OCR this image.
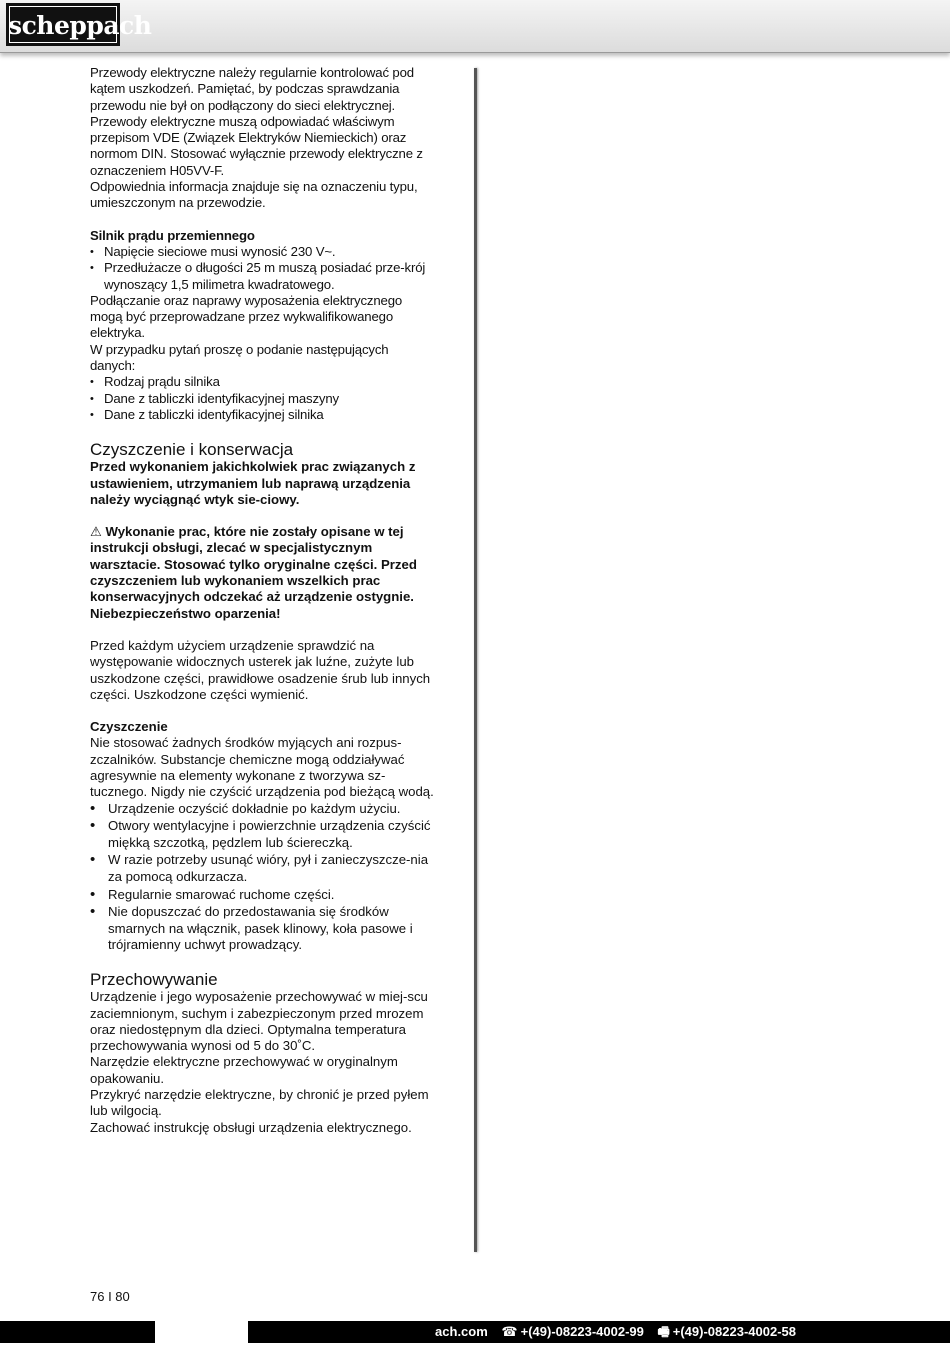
scheppach

Przewody elektryczne należy regularnie kontrolować pod kątem uszkodzeń. Pamiętać, by podczas sprawdzania przewodu nie był on podłączony do sieci elektrycznej.

Przewody elektryczne muszą odpowiadać właściwym przepisom VDE (Związek Elektryków Niemieckich) oraz normom DIN. Stosować wyłącznie przewody elektryczne z oznaczeniem H05VV-F.

Odpowiednia informacja znajduje się na oznaczeniu typu, umieszczonym na przewodzie.

Silnik prądu przemiennego

• Napięcie sieciowe musi wynosić 230 V~.
• Przedłużacze o długości 25 m muszą posiadać prze-krój wynoszący 1,5 milimetra kwadratowego.

Podłączanie oraz naprawy wyposażenia elektrycznego mogą być przeprowadzane przez wykwalifikowanego elektryka.

W przypadku pytań proszę o podanie następujących danych:

• Rodzaj prądu silnika
• Dane z tabliczki identyfikacyjnej maszyny
• Dane z tabliczki identyfikacyjnej silnika
Czyszczenie i konserwacja

Przed wykonaniem jakichkolwiek prac związanych z ustawieniem, utrzymaniem lub naprawą urządzenia należy wyciągnąć wtyk sie-ciowy.

⚠ Wykonanie prac, które nie zostały opisane w tej instrukcji obsługi, zlecać w specjalistycznym warsztacie. Stosować tylko oryginalne części. Przed czyszczeniem lub wykonaniem wszelkich prac konserwacyjnych odczekać aż urządzenie ostygnie. Niebezpieczeństwo oparzenia!

Przed każdym użyciem urządzenie sprawdzić na występowanie widocznych usterek jak luźne, zużyte lub uszkodzone części, prawidłowe osadzenie śrub lub innych części. Uszkodzone części wymienić.

Czyszczenie

Nie stosować żadnych środków myjących ani rozpus-zczalników. Substancje chemiczne mogą oddziaływać agresywnie na elementy wykonane z tworzywa sz-tucznego. Nigdy nie czyścić urządzenia pod bieżącą wodą.

• Urządzenie oczyścić dokładnie po każdym użyciu.
• Otwory wentylacyjne i powierzchnie urządzenia czyścić miękką szczotką, pędzlem lub ściereczką.
• W razie potrzeby usunąć wióry, pył i zanieczyszcze-nia za pomocą odkurzacza.
• Regularnie smarować ruchome części.
• Nie dopuszczać do przedostawania się środków smarnych na włącznik, pasek klinowy, koła pasowe i trójramienny uchwyt prowadzący.
Przechowywanie

Urządzenie i jego wyposażenie przechowywać w miej-scu zaciemnionym, suchym i zabezpieczonym przed mrozem oraz niedostępnym dla dzieci. Optymalna temperatura przechowywania wynosi od 5 do 30˚C.

Narzędzie elektryczne przechowywać w oryginalnym opakowaniu.

Przykryć narzędzie elektryczne, by chronić je przed pyłem lub wilgocią.

Zachować instrukcję obsługi urządzenia elektrycznego.

76 I 80
ach.com ☎ +(49)-08223-4002-99 🖷 +(49)-08223-4002-58
